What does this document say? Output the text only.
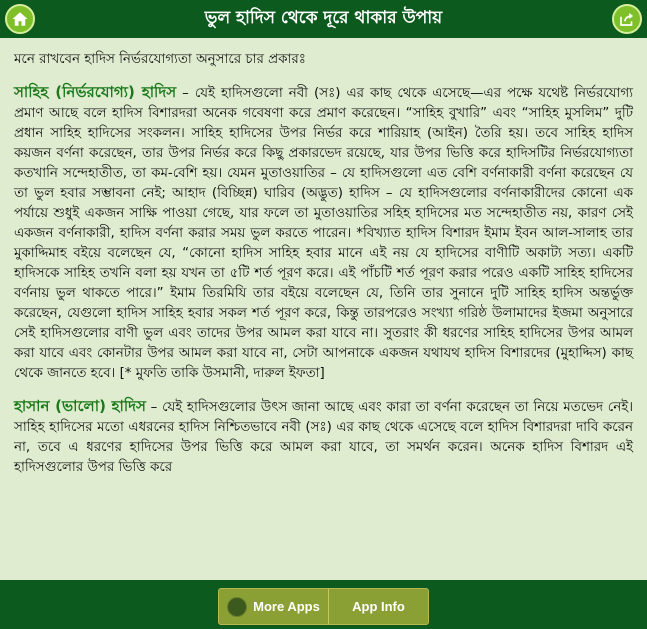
ভুল হাদিস থেকে দূরে থাকার উপায়

মনে রাখবেন হাদিস নির্ভরযোগ্যতা অনুসারে চার প্রকারঃ

সাহিহ (নির্ভরযোগ্য) হাদিস – যেই হাদিসগুলো নবী (সঃ) এর কাছ থেকে এসেছে—এর পক্ষে যথেষ্ট নির্ভরযোগ্য প্রমাণ আছে বলে হাদিস বিশারদরা অনেক গবেষণা করে প্রমাণ করেছেন। “সাহিহ বুখারি” এবং “সাহিহ মুসলিম” দুটি প্রধান সাহিহ হাদিসের সংকলন। সাহিহ হাদিসের উপর নির্ভর করে শারিয়াহ (আইন) তৈরি হয়। তবে সাহিহ হাদিস কয়জন বর্ণনা করেছেন, তার উপর নির্ভর করে কিছু প্রকারভেদ রয়েছে, যার উপর ভিত্তি করে হাদিসটির নির্ভরযোগ্যতা কতখানি সন্দেহাতীত, তা কম-বেশি হয়। যেমন মুতাওয়াতির – যে হাদিসগুলো এত বেশি বর্ণনাকারী বর্ণনা করেছেন যে তা ভুল হবার সম্ভাবনা নেই; আহাদ (বিচ্ছিন্ন) ঘারিব (অদ্ভুত) হাদিস – যে হাদিসগুলোর বর্ণনাকারীদের কোনো এক পর্যায়ে শুধুই একজন সাক্ষি পাওয়া গেছে, যার ফলে তা মুতাওয়াতির সহিহ হাদিসের মত সন্দেহাতীত নয়, কারণ সেই একজন বর্ণনাকারী, হাদিস বর্ণনা করার সময় ভুল করতে পারেন। *বিখ্যাত হাদিস বিশারদ ইমাম ইবন আল-সালাহ তার মুকাদ্দিমাহ বইয়ে বলেছেন যে, “কোনো হাদিস সাহিহ হবার মানে এই নয় যে হাদিসের বাণীটি অকাট্য সত্য। একটি হাদিসকে সাহিহ তখনি বলা হয় যখন তা ৫টি শর্ত পূরণ করে। এই পাঁচটি শর্ত পূরণ করার পরেও একটি সাহিহ হাদিসের বর্ণনায় ভুল থাকতে পারে।” ইমাম তিরমিযি তার বইয়ে বলেছেন যে, তিনি তার সুনানে দুটি সাহিহ হাদিস অন্তর্ভুক্ত করেছেন, যেগুলো হাদিস সাহিহ হবার সকল শর্ত পূরণ করে, কিন্তু তারপরেও সংখ্যা গরিষ্ঠ উলামাদের ইজমা অনুসারে সেই হাদিসগুলোর বাণী ভুল এবং তাদের উপর আমল করা যাবে না। সুতরাং কী ধরণের সাহিহ হাদিসের উপর আমল করা যাবে এবং কোনটার উপর আমল করা যাবে না, সেটা আপনাকে একজন যথাযথ হাদিস বিশারদের (মুহাদ্দিস) কাছ থেকে জানতে হবে। [* মুফতি তাকি উসমানী, দারুল ইফতা]

হাসান (ভালো) হাদিস – যেই হাদিসগুলোর উৎস জানা আছে এবং কারা তা বর্ণনা করেছেন তা নিয়ে মতভেদ নেই। সাহিহ হাদিসের মতো এধরনের হাদিস নিশ্চিতভাবে নবী (সঃ) এর কাছ থেকে এসেছে বলে হাদিস বিশারদরা দাবি করেন না, তবে এ ধরণের হাদিসের উপর ভিত্তি করে আমল করা যাবে, তা সমর্থন করেন। অনেক হাদিস বিশারদ এই হাদিসগুলোর উপর ভিত্তি করে

More Apps App Info
